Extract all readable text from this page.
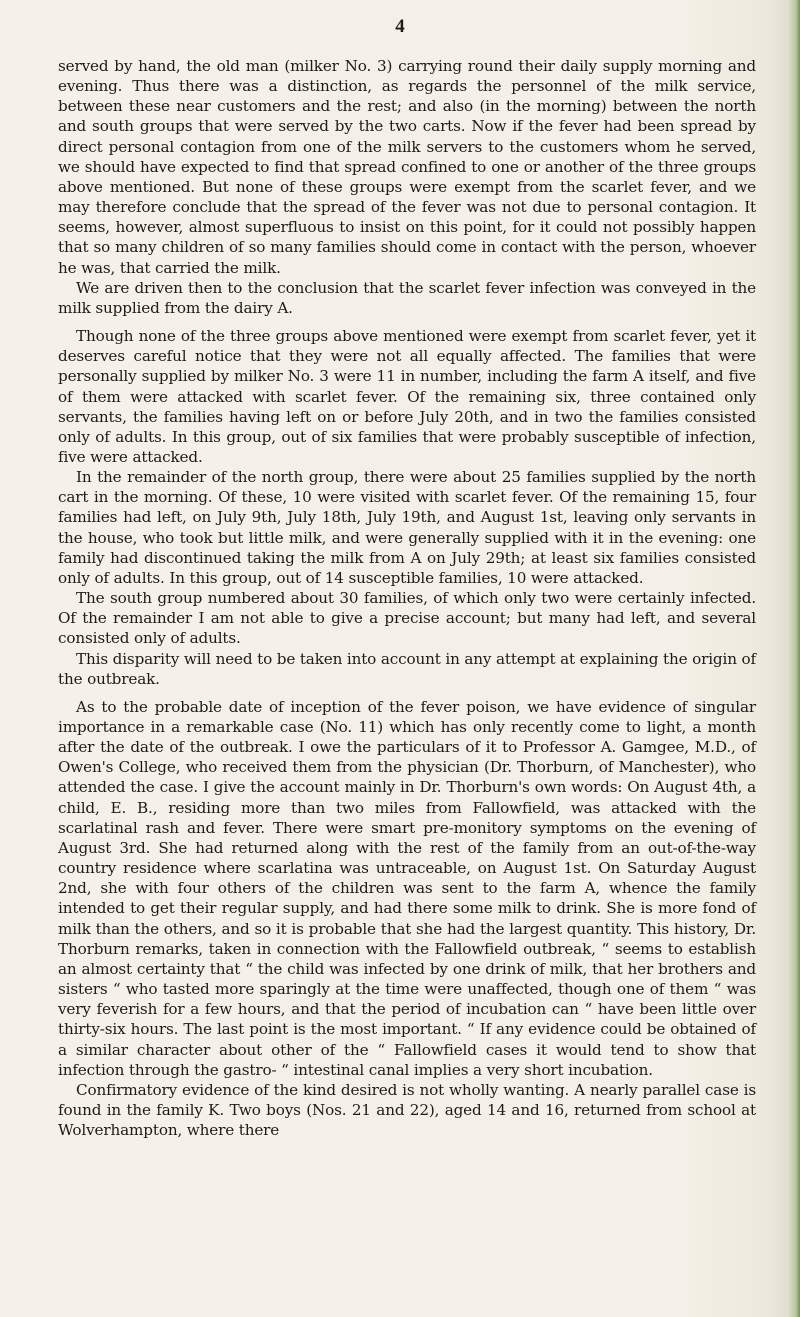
4

served by hand, the old man (milker No. 3) carrying round their daily supply morning and evening. Thus there was a distinction, as regards the personnel of the milk service, between these near customers and the rest; and also (in the morning) between the north and south groups that were served by the two carts. Now if the fever had been spread by direct personal contagion from one of the milk servers to the customers whom he served, we should have expected to find that spread confined to one or another of the three groups above mentioned. But none of these groups were exempt from the scarlet fever, and we may therefore conclude that the spread of the fever was not due to personal contagion. It seems, however, almost superfluous to insist on this point, for it could not possibly happen that so many children of so many families should come in contact with the person, whoever he was, that carried the milk.

We are driven then to the conclusion that the scarlet fever infection was conveyed in the milk supplied from the dairy A.

Though none of the three groups above mentioned were exempt from scarlet fever, yet it deserves careful notice that they were not all equally affected. The families that were personally supplied by milker No. 3 were 11 in number, including the farm A itself, and five of them were attacked with scarlet fever. Of the remaining six, three contained only servants, the families having left on or before July 20th, and in two the families consisted only of adults. In this group, out of six families that were probably susceptible of infection, five were attacked.

In the remainder of the north group, there were about 25 families supplied by the north cart in the morning. Of these, 10 were visited with scarlet fever. Of the remaining 15, four families had left, on July 9th, July 18th, July 19th, and August 1st, leaving only servants in the house, who took but little milk, and were generally supplied with it in the evening: one family had discontinued taking the milk from A on July 29th; at least six families consisted only of adults. In this group, out of 14 susceptible families, 10 were attacked.

The south group numbered about 30 families, of which only two were certainly infected. Of the remainder I am not able to give a precise account; but many had left, and several consisted only of adults.

This disparity will need to be taken into account in any attempt at explaining the origin of the outbreak.

As to the probable date of inception of the fever poison, we have evidence of singular importance in a remarkable case (No. 11) which has only recently come to light, a month after the date of the outbreak. I owe the particulars of it to Professor A. Gamgee, M.D., of Owen's College, who received them from the physician (Dr. Thorburn, of Manchester), who attended the case. I give the account mainly in Dr. Thorburn's own words: On August 4th, a child, E. B., residing more than two miles from Fallowfield, was attacked with the scarlatinal rash and fever. There were smart pre-monitory symptoms on the evening of August 3rd. She had returned along with the rest of the family from an out-of-the-way country residence where scarlatina was untraceable, on August 1st. On Saturday August 2nd, she with four others of the children was sent to the farm A, whence the family intended to get their regular supply, and had there some milk to drink. She is more fond of milk than the others, and so it is probable that she had the largest quantity. This history, Dr. Thorburn remarks, taken in connection with the Fallowfield outbreak, “ seems to establish an almost certainty that “ the child was infected by one drink of milk, that her brothers and sisters “ who tasted more sparingly at the time were unaffected, though one of them “ was very feverish for a few hours, and that the period of incubation can “ have been little over thirty-six hours. The last point is the most important. “ If any evidence could be obtained of a similar character about other of the “ Fallowfield cases it would tend to show that infection through the gastro- “ intestinal canal implies a very short incubation.

Confirmatory evidence of the kind desired is not wholly wanting. A nearly parallel case is found in the family K. Two boys (Nos. 21 and 22), aged 14 and 16, returned from school at Wolverhampton, where there
